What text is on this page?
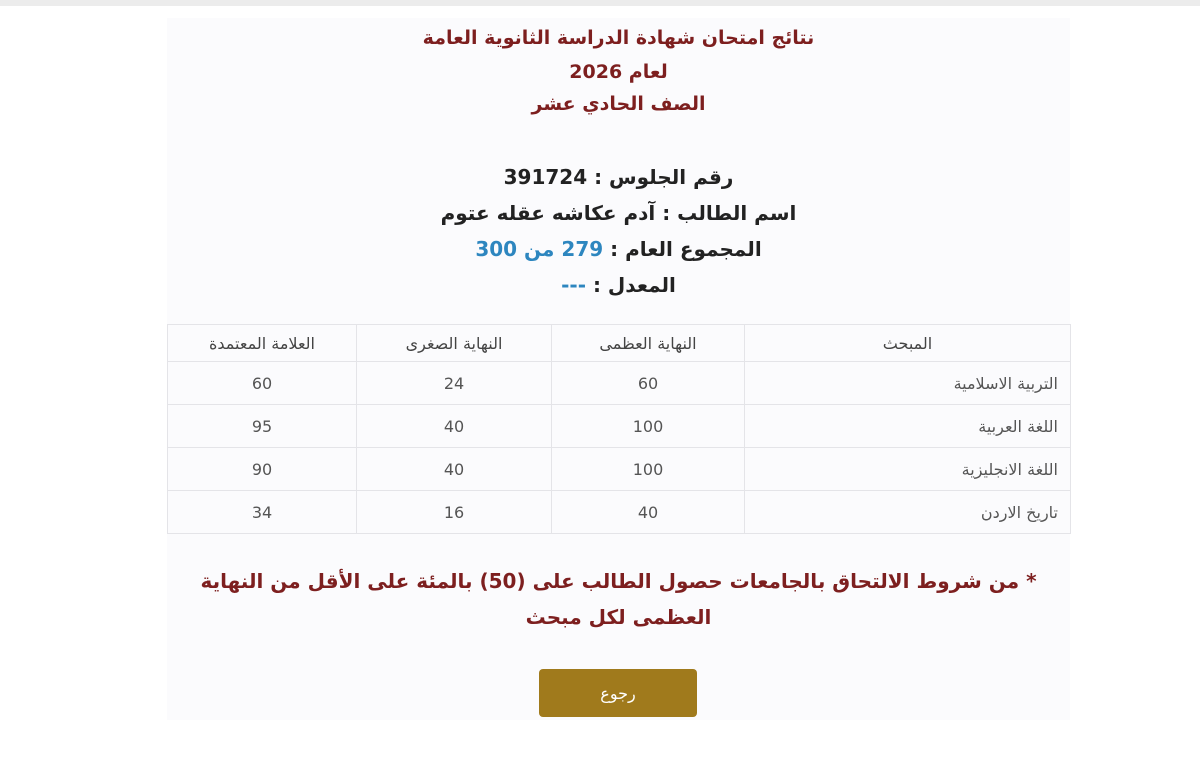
نتائج امتحان شهادة الدراسة الثانوية العامة
لعام 2026
الصف الحادي عشر
رقم الجلوس : 391724
اسم الطالب : آدم عكاشه عقله عتوم
المجموع العام : 279 من 300
المعدل : ---
المبحث	النهاية العظمى	النهاية الصغرى	العلامة المعتمدة
التربية الاسلامية	60	24	60
اللغة العربية	100	40	95
اللغة الانجليزية	100	40	90
تاريخ الاردن	40	16	34
* من شروط الالتحاق بالجامعات حصول الطالب على (50) بالمئة على الأقل من النهاية العظمى لكل مبحث
رجوع
